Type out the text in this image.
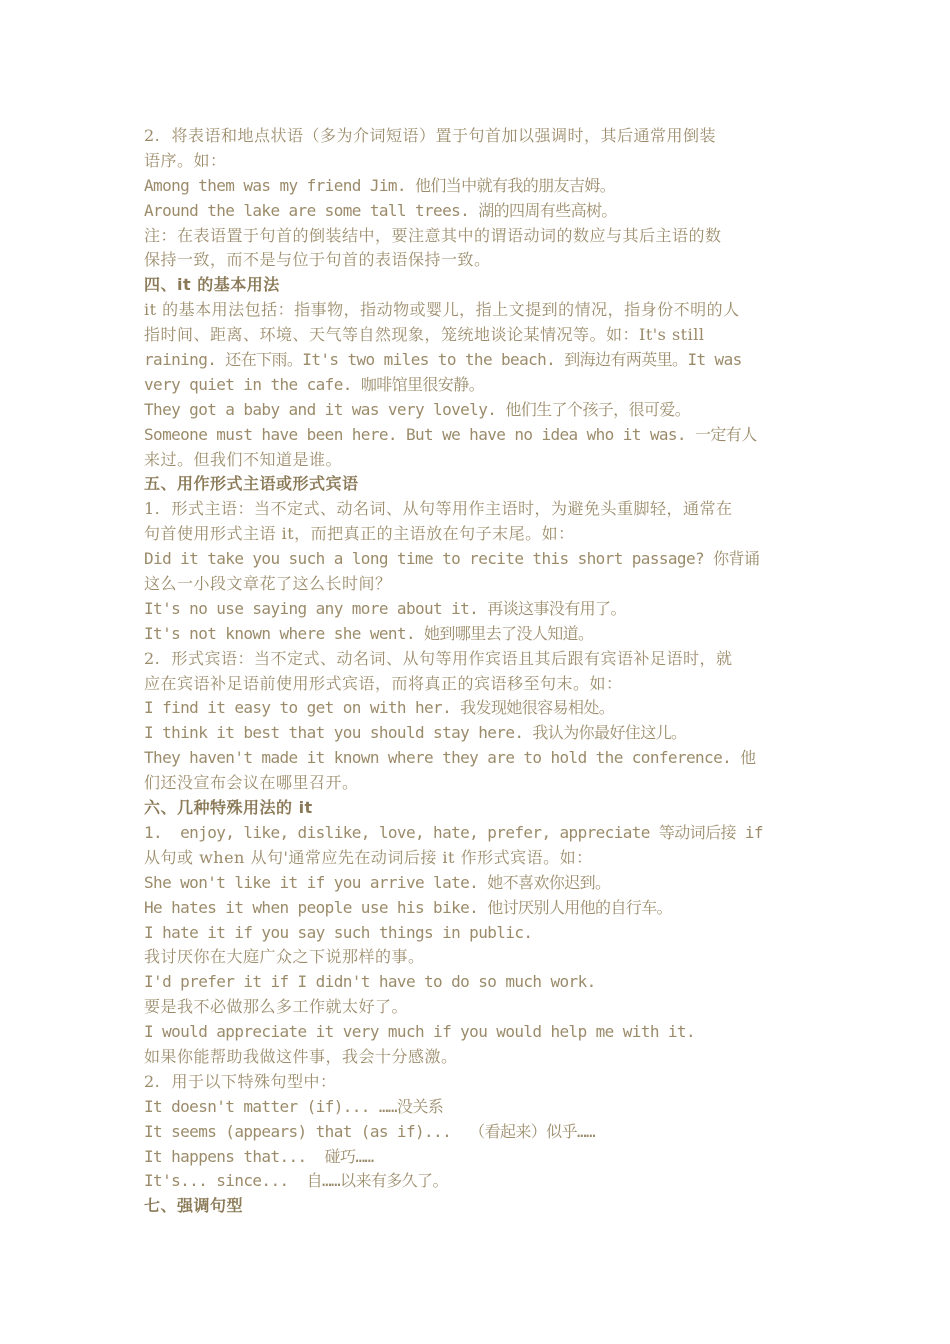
2.  将表语和地点状语（多为介词短语）置于句首加以强调时，其后通常用倒装
语序。如：
Among them was my friend Jim. 他们当中就有我的朋友吉姆。
Around the lake are some tall trees. 湖的四周有些高树。
注：在表语置于句首的倒装结中，要注意其中的谓语动词的数应与其后主语的数
保持一致，而不是与位于句首的表语保持一致。
四、it 的基本用法
it 的基本用法包括：指事物，指动物或婴儿，指上文提到的情况，指身份不明的人
指时间、距离、环境、天气等自然现象，笼统地谈论某情况等。如：It's still
raining. 还在下雨。It's two miles to the beach. 到海边有两英里。It was
very quiet in the cafe. 咖啡馆里很安静。
They got a baby and it was very lovely. 他们生了个孩子，很可爱。
Someone must have been here. But we have no idea who it was. 一定有人
来过。但我们不知道是谁。
五、用作形式主语或形式宾语
1.  形式主语：当不定式、动名词、从句等用作主语时，为避免头重脚轻，通常在
句首使用形式主语 it，而把真正的主语放在句子末尾。如：
Did it take you such a long time to recite this short passage? 你背诵
这么一小段文章花了这么长时间？
It's no use saying any more about it. 再谈这事没有用了。
It's not known where she went. 她到哪里去了没人知道。
2.  形式宾语：当不定式、动名词、从句等用作宾语且其后跟有宾语补足语时，就
应在宾语补足语前使用形式宾语，而将真正的宾语移至句末。如：
I find it easy to get on with her. 我发现她很容易相处。
I think it best that you should stay here. 我认为你最好住这儿。
They haven't made it known where they are to hold the conference. 他
们还没宣布会议在哪里召开。
六、几种特殊用法的 it
1.  enjoy, like, dislike, love, hate, prefer, appreciate 等动词后接 if
从句或 when 从句'通常应先在动词后接 it 作形式宾语。如：
She won't like it if you arrive late. 她不喜欢你迟到。
He hates it when people use his bike. 他讨厌别人用他的自行车。
I hate it if you say such things in public.
我讨厌你在大庭广众之下说那样的事。
I'd prefer it if I didn't have to do so much work.
要是我不必做那么多工作就太好了。
I would appreciate it very much if you would help me with it.
如果你能帮助我做这件事，我会十分感激。
2.  用于以下特殊句型中：
It doesn't matter (if)... ……没关系
It seems (appears) that (as if)...  （看起来）似乎……
It happens that...  碰巧……
It's... since...  自……以来有多久了。
七、强调句型
